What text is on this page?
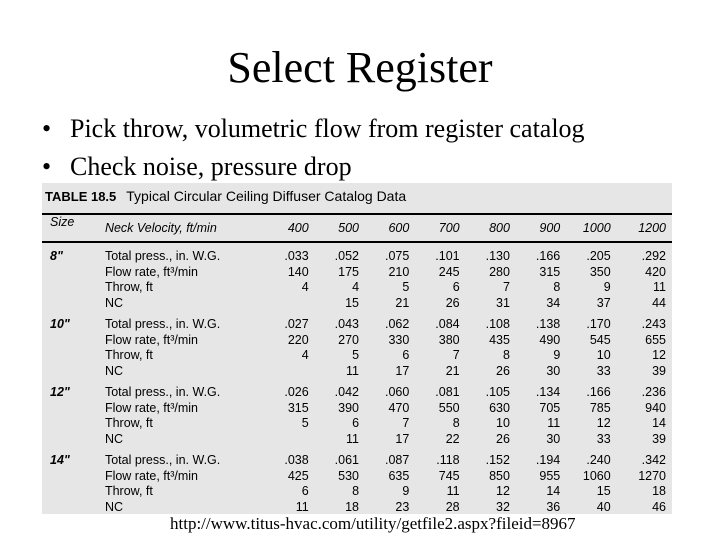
Select Register
• Pick throw, volumetric flow from register catalog
• Check noise, pressure drop
TABLE 18.5 Typical Circular Ceiling Diffuser Catalog Data
Size	Neck Velocity, ft/min	400	500	600	700	800	900	1000	1200
8"	Total press., in. W.G.	.033	.052	.075	.101	.130	.166	.205	.292
	Flow rate, ft³/min	140	175	210	245	280	315	350	420
	Throw, ft	4	4	5	6	7	8	9	11
	NC		15	21	26	31	34	37	44
10"	Total press., in. W.G.	.027	.043	.062	.084	.108	.138	.170	.243
	Flow rate, ft³/min	220	270	330	380	435	490	545	655
	Throw, ft	4	5	6	7	8	9	10	12
	NC		11	17	21	26	30	33	39
12"	Total press., in. W.G.	.026	.042	.060	.081	.105	.134	.166	.236
	Flow rate, ft³/min	315	390	470	550	630	705	785	940
	Throw, ft	5	6	7	8	10	11	12	14
	NC		11	17	22	26	30	33	39
14"	Total press., in. W.G.	.038	.061	.087	.118	.152	.194	.240	.342
	Flow rate, ft³/min	425	530	635	745	850	955	1060	1270
	Throw, ft	6	8	9	11	12	14	15	18
	NC	11	18	23	28	32	36	40	46
http://www.titus-hvac.com/utility/getfile2.aspx?fileid=8967
